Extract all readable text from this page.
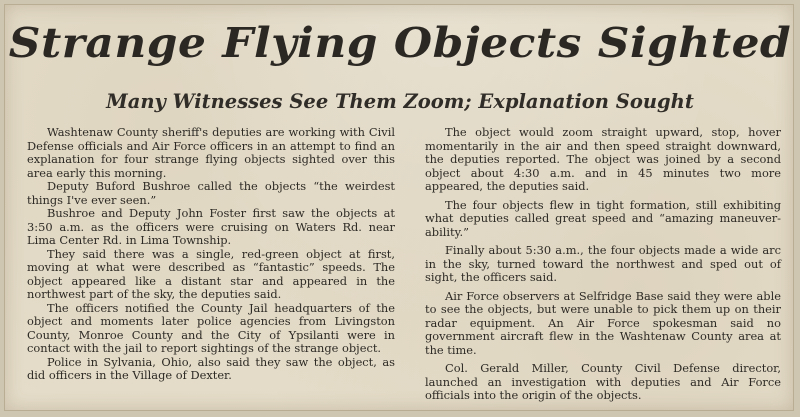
Strange Flying Objects Sighted
Many Witnesses See Them Zoom; Explanation Sought

Washtenaw County sheriff's deputies are working with Civil Defense officials and Air Force officers in an attempt to find an explanation for four strange flying objects sighted over this area early this morning.

Deputy Buford Bushroe called the objects “the weirdest things I've ever seen.”

Bushroe and Deputy John Foster first saw the objects at 3:50 a.m. as the officers were cruising on Waters Rd. near Lima Center Rd. in Lima Township.

They said there was a single, red-green object at first, moving at what were described as “fantastic” speeds. The object appeared like a distant star and appeared in the northwest part of the sky, the deputies said.

The officers notified the County Jail headquarters of the object and moments later police agencies from Livingston County, Monroe County and the City of Ypsilanti were in contact with the jail to report sightings of the strange object.

Police in Sylvania, Ohio, also said they saw the object, as did officers in the Village of Dexter.

The object would zoom straight upward, stop, hover momentarily in the air and then speed straight downward, the deputies reported. The object was joined by a second object about 4:30 a.m. and in 45 minutes two more appeared, the deputies said.

The four objects flew in tight formation, still exhibiting what deputies called great speed and “amazing maneuver-ability.”

Finally about 5:30 a.m., the four objects made a wide arc in the sky, turned toward the northwest and sped out of sight, the officers said.

Air Force observers at Selfridge Base said they were able to see the objects, but were unable to pick them up on their radar equipment. An Air Force spokesman said no government aircraft flew in the Washtenaw County area at the time.

Col. Gerald Miller, County Civil Defense director, launched an investigation with deputies and Air Force officials into the origin of the objects.
